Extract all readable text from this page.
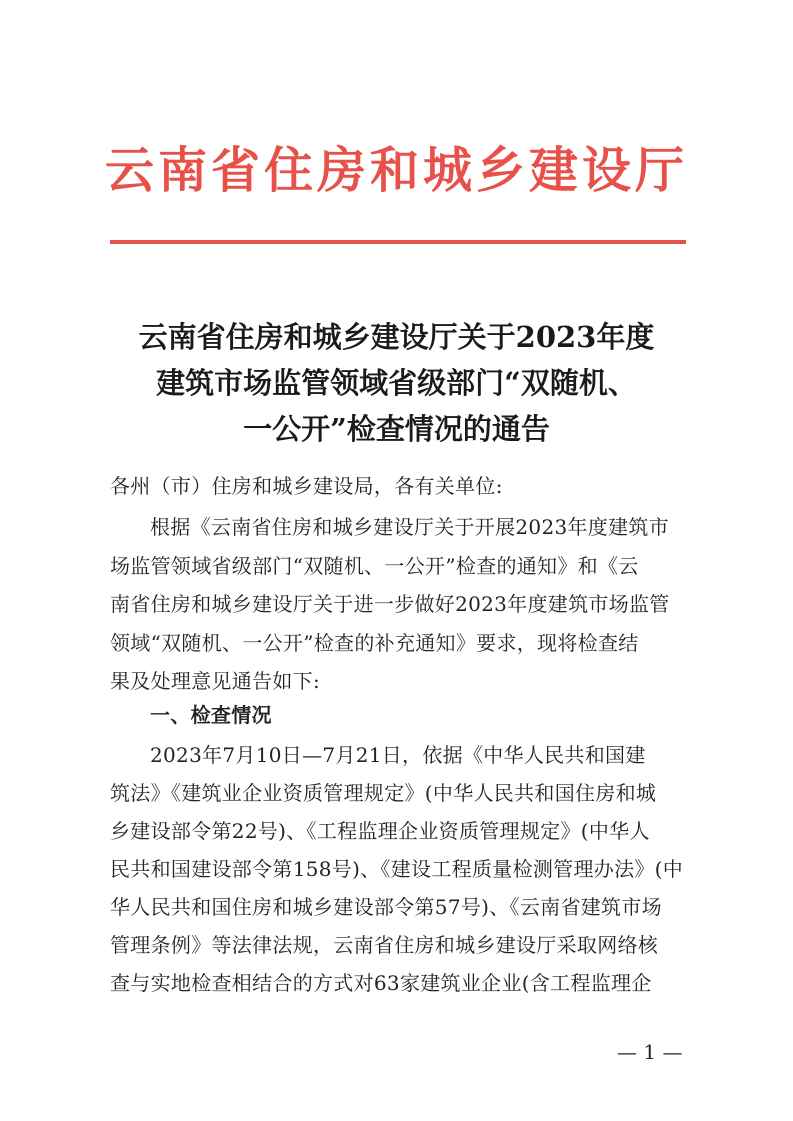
云南省住房和城乡建设厅
云南省住房和城乡建设厅关于2023年度
建筑市场监管领域省级部门“双随机、
一公开”检查情况的通告
各州（市）住房和城乡建设局，各有关单位:
根据《云南省住房和城乡建设厅关于开展2023年度建筑市
场监管领域省级部门“双随机、一公开”检查的通知》和《云
南省住房和城乡建设厅关于进一步做好2023年度建筑市场监管
领域“双随机、一公开”检查的补充通知》要求，现将检查结
果及处理意见通告如下:
一、检查情况
2023年7月10日—7月21日，依据《中华人民共和国建
筑法》《建筑业企业资质管理规定》(中华人民共和国住房和城
乡建设部令第22号)、《工程监理企业资质管理规定》(中华人
民共和国建设部令第158号)、《建设工程质量检测管理办法》(中
华人民共和国住房和城乡建设部令第57号)、《云南省建筑市场
管理条例》等法律法规，云南省住房和城乡建设厅采取网络核
查与实地检查相结合的方式对63家建筑业企业(含工程监理企
— 1 —
